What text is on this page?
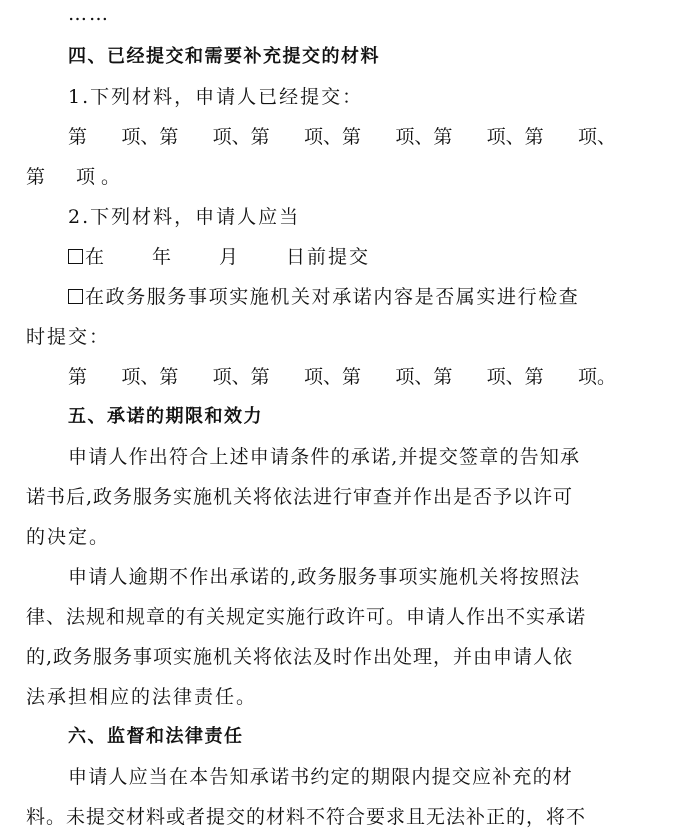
……
四、已经提交和需要补充提交的材料
1.下列材料，申请人已经提交：
第 项、第 项、第 项、第 项、第 项、第 项、
第　项。
2.下列材料，申请人应当
在 年 月 日前提交
在政务服务事项实施机关对承诺内容是否属实进行检查
时提交：
第 项、第 项、第 项、第 项、第 项、第 项。
五、承诺的期限和效力
申请人作出符合上述申请条件的承诺,并提交签章的告知承
诺书后,政务服务实施机关将依法进行审查并作出是否予以许可
的决定。
申请人逾期不作出承诺的,政务服务事项实施机关将按照法
律、法规和规章的有关规定实施行政许可。申请人作出不实承诺
的,政务服务事项实施机关将依法及时作出处理，并由申请人依
法承担相应的法律责任。
六、监督和法律责任
申请人应当在本告知承诺书约定的期限内提交应补充的材
料。未提交材料或者提交的材料不符合要求且无法补正的，将不
